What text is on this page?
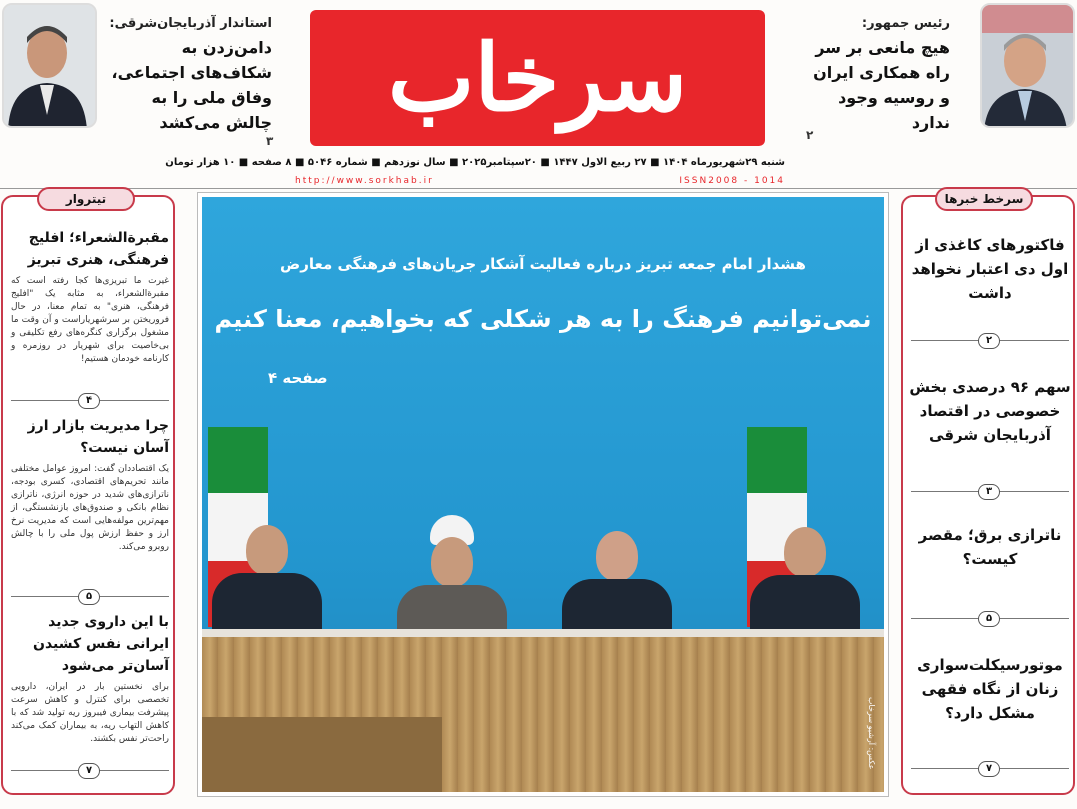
سرخاب
شنبه ۲۹شهریورماه ۱۴۰۴ ■ ۲۷ ربیع الاول ۱۴۴۷ ■ ۲۰سپتامبر۲۰۲۵ ■ سال نوزدهم ■ شماره ۵۰۴۶ ■ ۸ صفحه ■ ۱۰ هزار تومان
http://www.sorkhab.ir	ISSN2008 - 1014
رئیس جمهور:
هیچ مانعی بر سر راه همکاری ایران و روسیه وجود ندارد
۲
استاندار آذربایجان‌شرقی:
دامن‌زدن به شکاف‌های اجتماعی، وفاق ملی را به چالش می‌کشد
۳
تیتروار
مقبرةالشعراء؛ افلیج فرهنگی، هنری تبریز
غیرت ما تبریزی‌ها کجا رفته است که مقبرةالشعراء، به مثابه یک "افلیج فرهنگی، هنری" به تمام معنا، در حال فروریختن بر سرشهریاراست و آن وقت ما مشغول برگزاری کنگره‌های رفع تکلیفی و بی‌خاصیت برای شهریار در روزمره و کارنامه خودمان هستیم!
۴
چرا مدیریت بازار ارز آسان نیست؟
یک اقتصاددان گفت: امروز عوامل مختلفی مانند تحریم‌های اقتصادی، کسری بودجه، ناترازی‌های شدید در حوزه انرژی، ناترازی نظام بانکی و صندوق‌های بازنشستگی، از مهم‌ترین مولفه‌هایی است که مدیریت نرخ ارز و حفظ ارزش پول ملی را با چالش روبرو می‌کند.
۵
با این داروی جدید ایرانی نفس کشیدن آسان‌تر می‌شود
برای نخستین بار در ایران، دارویی تخصصی برای کنترل و کاهش سرعت پیشرفت بیماری فیبروز ریه تولید شد که با کاهش التهاب ریه، به بیماران کمک می‌کند راحت‌تر نفس بکشند.
۷
سرخط خبرها
فاکتورهای کاغذی از اول دی اعتبار نخواهد داشت
۲
سهم ۹۶ درصدی بخش خصوصی در اقتصاد آذربایجان شرقی
۳
ناترازی برق؛ مقصر کیست؟
۵
موتورسیکلت‌سواری زنان از نگاه فقهی مشکل دارد؟
۷
هشدار امام جمعه تبریز درباره فعالیت آشکار جریان‌های فرهنگی معارض
نمی‌توانیم فرهنگ را به هر شکلی که بخواهیم، معنا کنیم
صفحه ۴
عکس: آرشیو سرخاب
